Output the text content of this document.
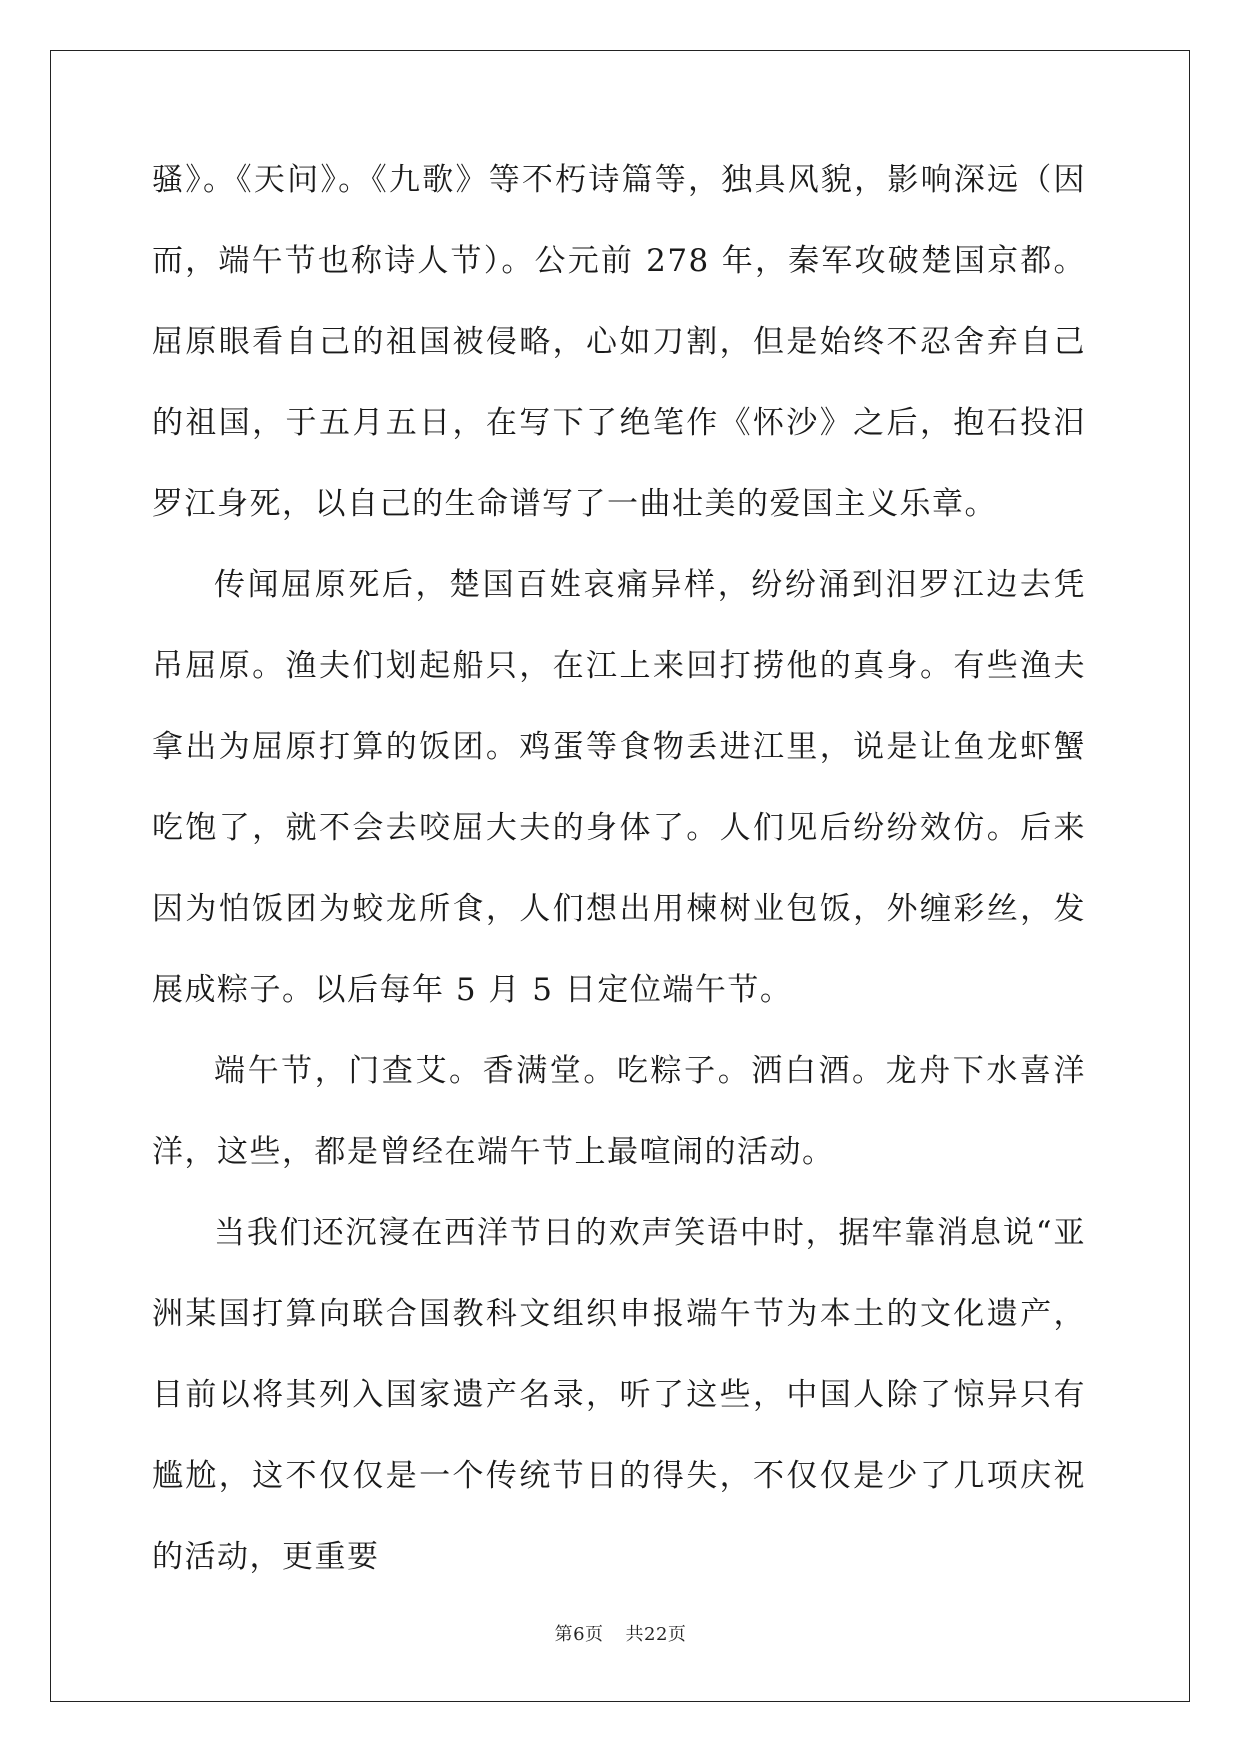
骚》。《天问》。《九歌》等不朽诗篇等，独具风貌，影响深远（因而，端午节也称诗人节）。公元前 278 年，秦军攻破楚国京都。屈原眼看自己的祖国被侵略，心如刀割，但是始终不忍舍弃自己的祖国，于五月五日，在写下了绝笔作《怀沙》之后，抱石投汨罗江身死，以自己的生命谱写了一曲壮美的爱国主义乐章。

传闻屈原死后，楚国百姓哀痛异样，纷纷涌到汨罗江边去凭吊屈原。渔夫们划起船只，在江上来回打捞他的真身。有些渔夫拿出为屈原打算的饭团。鸡蛋等食物丢进江里，说是让鱼龙虾蟹吃饱了，就不会去咬屈大夫的身体了。人们见后纷纷效仿。后来因为怕饭团为蛟龙所食，人们想出用楝树业包饭，外缠彩丝，发展成粽子。以后每年 5 月 5 日定位端午节。

端午节，门查艾。香满堂。吃粽子。洒白酒。龙舟下水喜洋洋，这些，都是曾经在端午节上最喧闹的活动。

当我们还沉寖在西洋节日的欢声笑语中时，据牢靠消息说“亚洲某国打算向联合国教科文组织申报端午节为本土的文化遗产，目前以将其列入国家遗产名录，听了这些，中国人除了惊异只有尴尬，这不仅仅是一个传统节日的得失，不仅仅是少了几项庆祝的活动，更重要

第6页 共22页
